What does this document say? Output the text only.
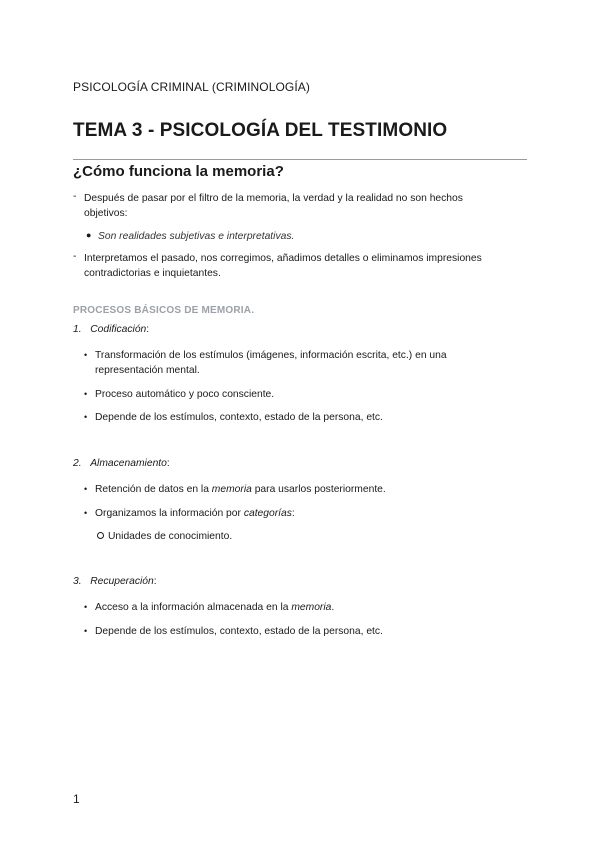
PSICOLOGÍA CRIMINAL (CRIMINOLOGÍA)
TEMA 3 - PSICOLOGÍA DEL TESTIMONIO
¿Cómo funciona la memoria?
- Después de pasar por el filtro de la memoria, la verdad y la realidad no son hechos
objetivos:
● Son realidades subjetivas e interpretativas.
- Interpretamos el pasado, nos corregimos, añadimos detalles o eliminamos impresiones
contradictorias e inquietantes.
PROCESOS BÁSICOS DE MEMORIA.
1. Codificación:
• Transformación de los estímulos (imágenes, información escrita, etc.) en una
representación mental.
• Proceso automático y poco consciente.
• Depende de los estímulos, contexto, estado de la persona, etc.
2. Almacenamiento:
• Retención de datos en la memoria para usarlos posteriormente.
• Organizamos la información por categorías:
Unidades de conocimiento.
3. Recuperación:
• Acceso a la información almacenada en la memoria.
• Depende de los estímulos, contexto, estado de la persona, etc.
1
